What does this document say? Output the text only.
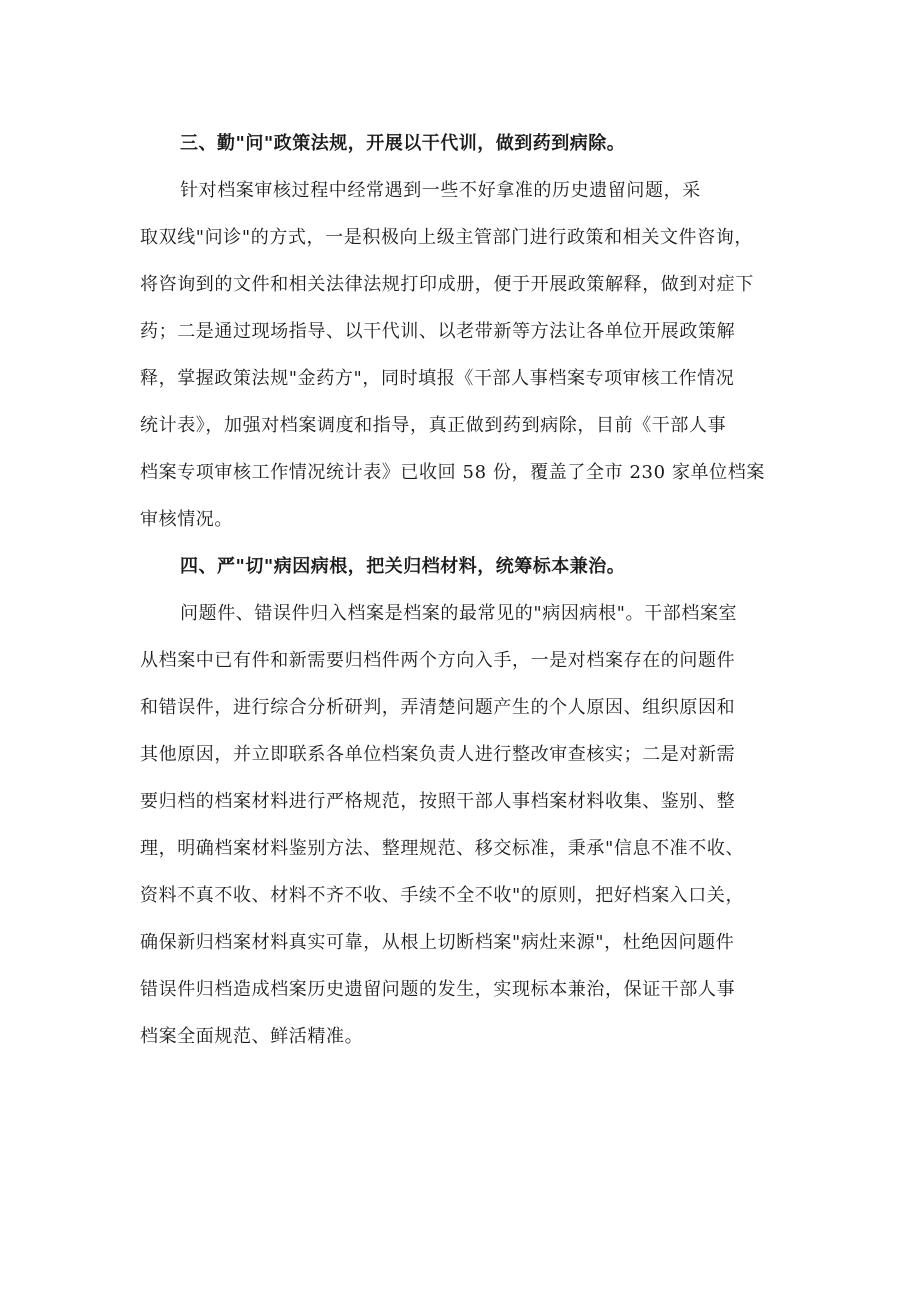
三、勤"问"政策法规，开展以干代训，做到药到病除。
针对档案审核过程中经常遇到一些不好拿准的历史遗留问题，采
取双线"问诊"的方式，一是积极向上级主管部门进行政策和相关文件咨询，
将咨询到的文件和相关法律法规打印成册，便于开展政策解释，做到对症下
药；二是通过现场指导、以干代训、以老带新等方法让各单位开展政策解
释，掌握政策法规"金药方"，同时填报《干部人事档案专项审核工作情况
统计表》，加强对档案调度和指导，真正做到药到病除，目前《干部人事
档案专项审核工作情况统计表》已收回 58 份，覆盖了全市 230 家单位档案
审核情况。
四、严"切"病因病根，把关归档材料，统筹标本兼治。
问题件、错误件归入档案是档案的最常见的"病因病根"。干部档案室
从档案中已有件和新需要归档件两个方向入手，一是对档案存在的问题件
和错误件，进行综合分析研判，弄清楚问题产生的个人原因、组织原因和
其他原因，并立即联系各单位档案负责人进行整改审查核实；二是对新需
要归档的档案材料进行严格规范，按照干部人事档案材料收集、鉴别、整
理，明确档案材料鉴别方法、整理规范、移交标准，秉承"信息不准不收、
资料不真不收、材料不齐不收、手续不全不收"的原则，把好档案入口关，
确保新归档案材料真实可靠，从根上切断档案"病灶来源"，杜绝因问题件
错误件归档造成档案历史遗留问题的发生，实现标本兼治，保证干部人事
档案全面规范、鲜活精准。
